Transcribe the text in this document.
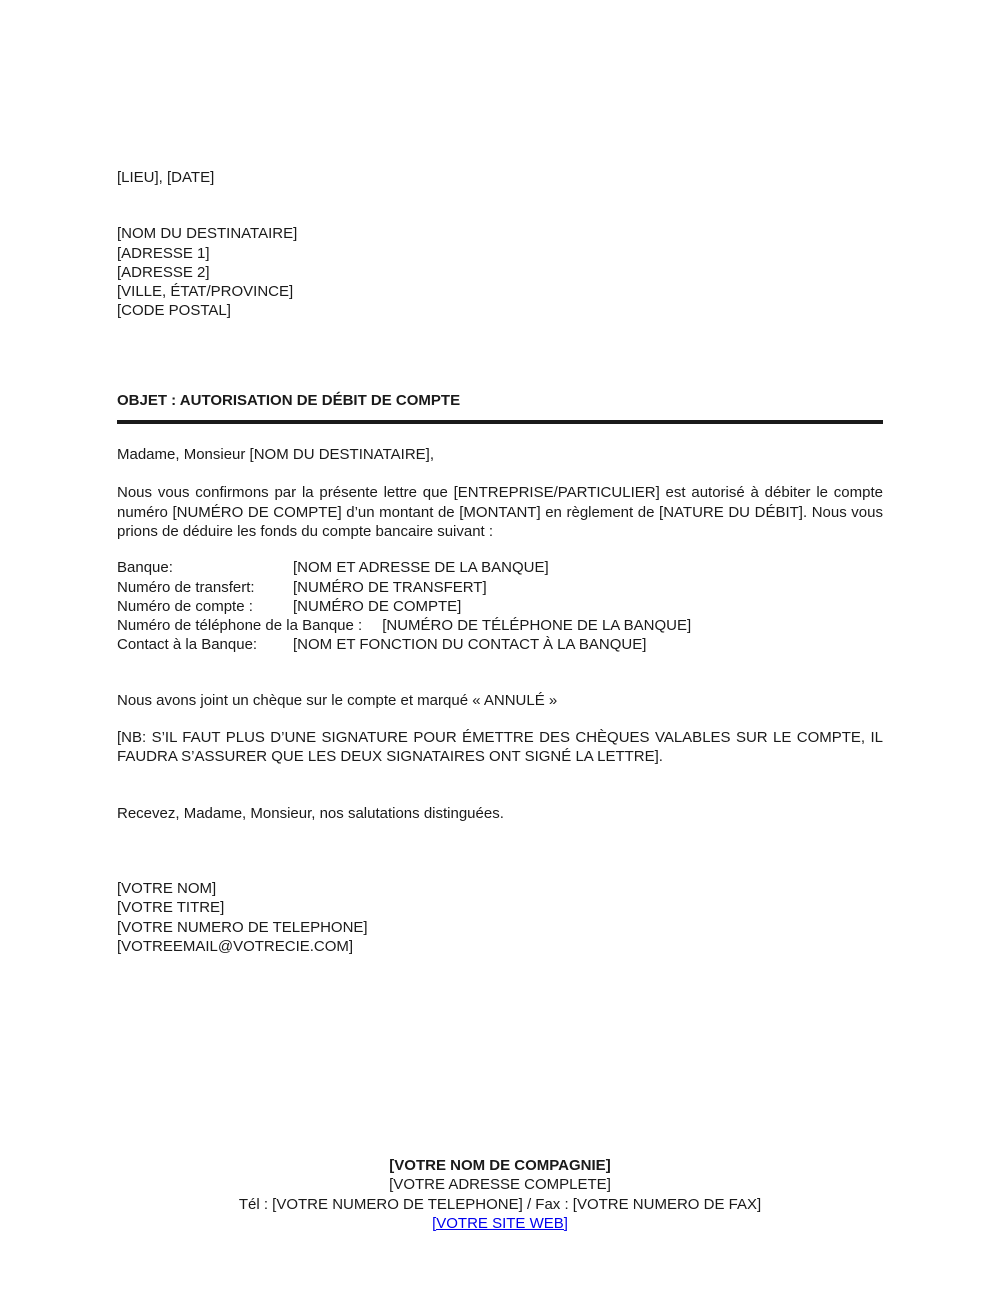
[LIEU], [DATE]
[NOM DU DESTINATAIRE]
[ADRESSE 1]
[ADRESSE 2]
[VILLE, ÉTAT/PROVINCE]
[CODE POSTAL]
OBJET : AUTORISATION DE DÉBIT DE COMPTE
Madame, Monsieur [NOM DU DESTINATAIRE],
Nous vous confirmons par la présente lettre que [ENTREPRISE/PARTICULIER] est autorisé à débiter le compte numéro [NUMÉRO DE COMPTE] d’un montant de [MONTANT] en règlement de [NATURE DU DÉBIT]. Nous vous prions de déduire les fonds du compte bancaire suivant :
Banque:	[NOM ET ADRESSE DE LA BANQUE]
Numéro de transfert:	[NUMÉRO DE TRANSFERT]
Numéro de compte :	[NUMÉRO DE COMPTE]
Numéro de téléphone de la Banque : [NUMÉRO DE TÉLÉPHONE DE LA BANQUE]
Contact à la Banque: [NOM ET FONCTION DU CONTACT À LA BANQUE]
Nous avons joint un chèque sur le compte et marqué « ANNULÉ »
[NB: S’IL FAUT PLUS D’UNE SIGNATURE POUR ÉMETTRE DES CHÈQUES VALABLES SUR LE COMPTE, IL FAUDRA S’ASSURER QUE LES DEUX SIGNATAIRES ONT SIGNÉ LA LETTRE].
Recevez, Madame, Monsieur, nos salutations distinguées.
[VOTRE NOM]
[VOTRE TITRE]
[VOTRE NUMERO DE TELEPHONE]
[VOTREEMAIL@VOTRECIE.COM]
[VOTRE NOM DE COMPAGNIE]
[VOTRE ADRESSE COMPLETE]
Tél : [VOTRE NUMERO DE TELEPHONE] / Fax : [VOTRE NUMERO DE FAX]
[VOTRE SITE WEB]
